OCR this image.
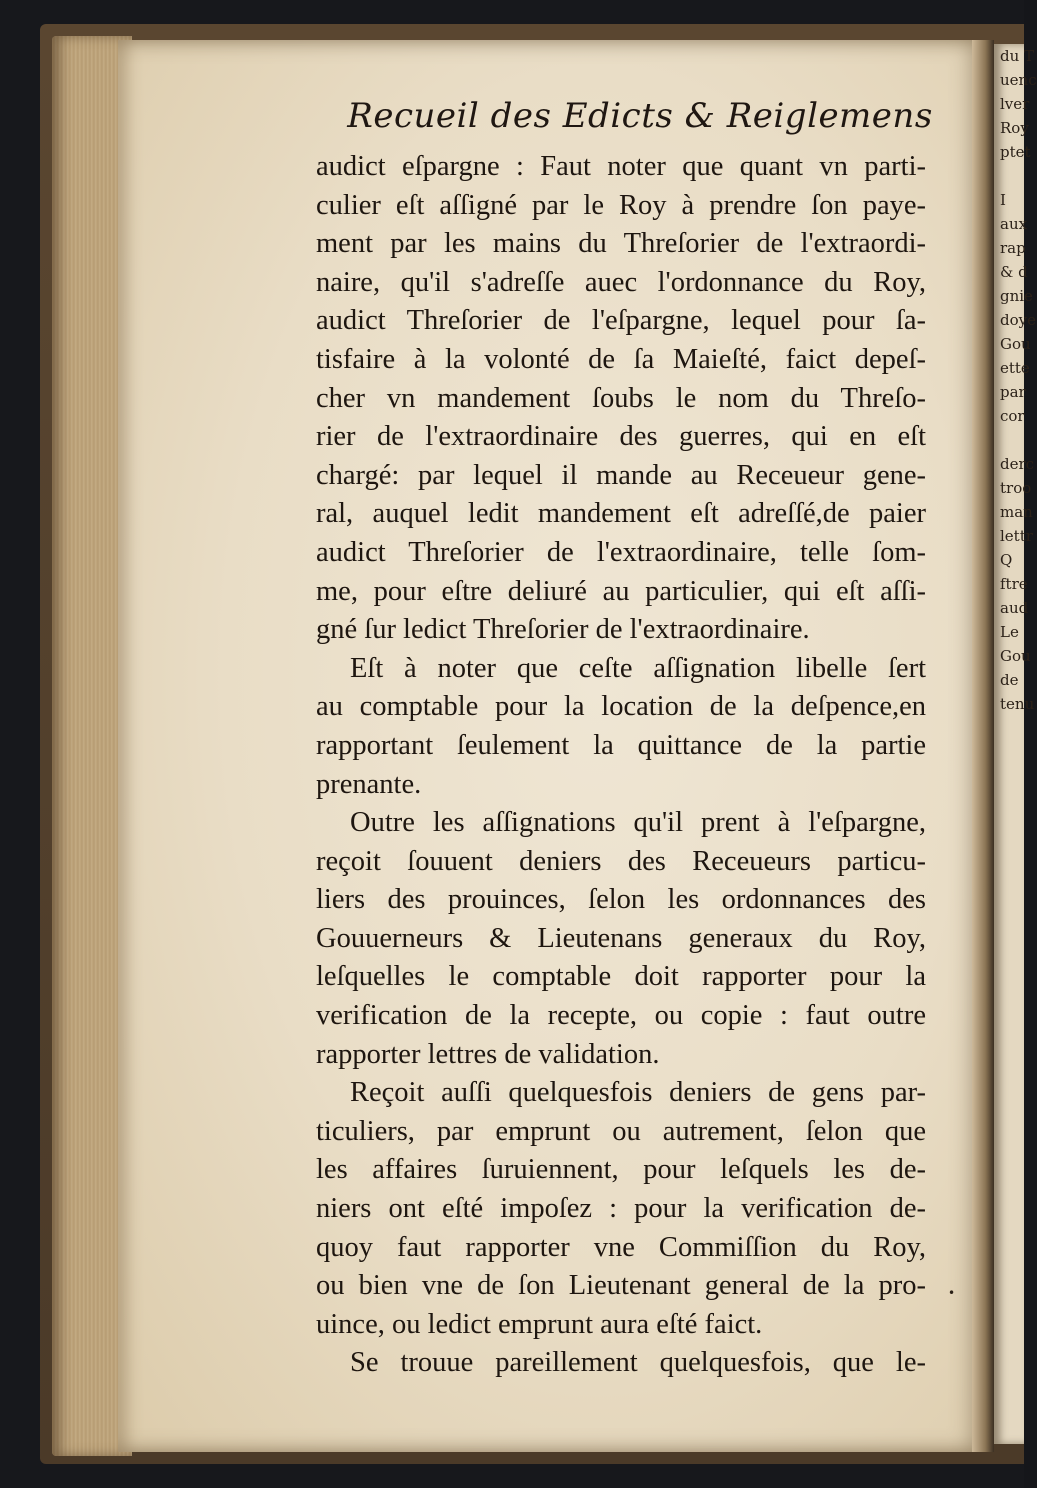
du T
uenc
lver
Roy
ptet
I
aux
rap
& d
gnie
doye
Gou
ette
par
cor
derc
troo
man
lettr
Q
ftre
aud
Le
Gou
de
tenu
Recueil des Edicts & Reiglemens
audict eſpargne : Faut noter que quant vn parti-
culier eſt aſſigné par le Roy à prendre ſon paye-
ment par les mains du Threſorier de l'extraordi-
naire, qu'il s'adreſſe auec l'ordonnance du Roy,
audict Threſorier de l'eſpargne, lequel pour ſa-
tisfaire à la volonté de ſa Maieſté, faict depeſ-
cher vn mandement ſoubs le nom du Threſo-
rier de l'extraordinaire des guerres, qui en eſt
chargé: par lequel il mande au Receueur gene-
ral, auquel ledit mandement eſt adreſſé,de paier
audict Threſorier de l'extraordinaire, telle ſom-
me, pour eſtre deliuré au particulier, qui eſt aſſi-
gné ſur ledict Threſorier de l'extraordinaire.
Eſt à noter que ceſte aſſignation libelle ſert
au comptable pour la location de la deſpence,en
rapportant ſeulement la quittance de la partie
prenante.
Outre les aſſignations qu'il prent à l'eſpargne,
reçoit ſouuent deniers des Receueurs particu-
liers des prouinces, ſelon les ordonnances des
Gouuerneurs & Lieutenans generaux du Roy,
leſquelles le comptable doit rapporter pour la
verification de la recepte, ou copie : faut outre
rapporter lettres de validation.
Reçoit auſſi quelquesfois deniers de gens par-
ticuliers, par emprunt ou autrement, ſelon que
les affaires ſuruiennent, pour leſquels les de-
niers ont eſté impoſez : pour la verification de-
quoy faut rapporter vne Commiſſion du Roy,
ou bien vne de ſon Lieutenant general de la pro-
uince, ou ledict emprunt aura eſté faict.
Se trouue pareillement quelquesfois, que le-
•
